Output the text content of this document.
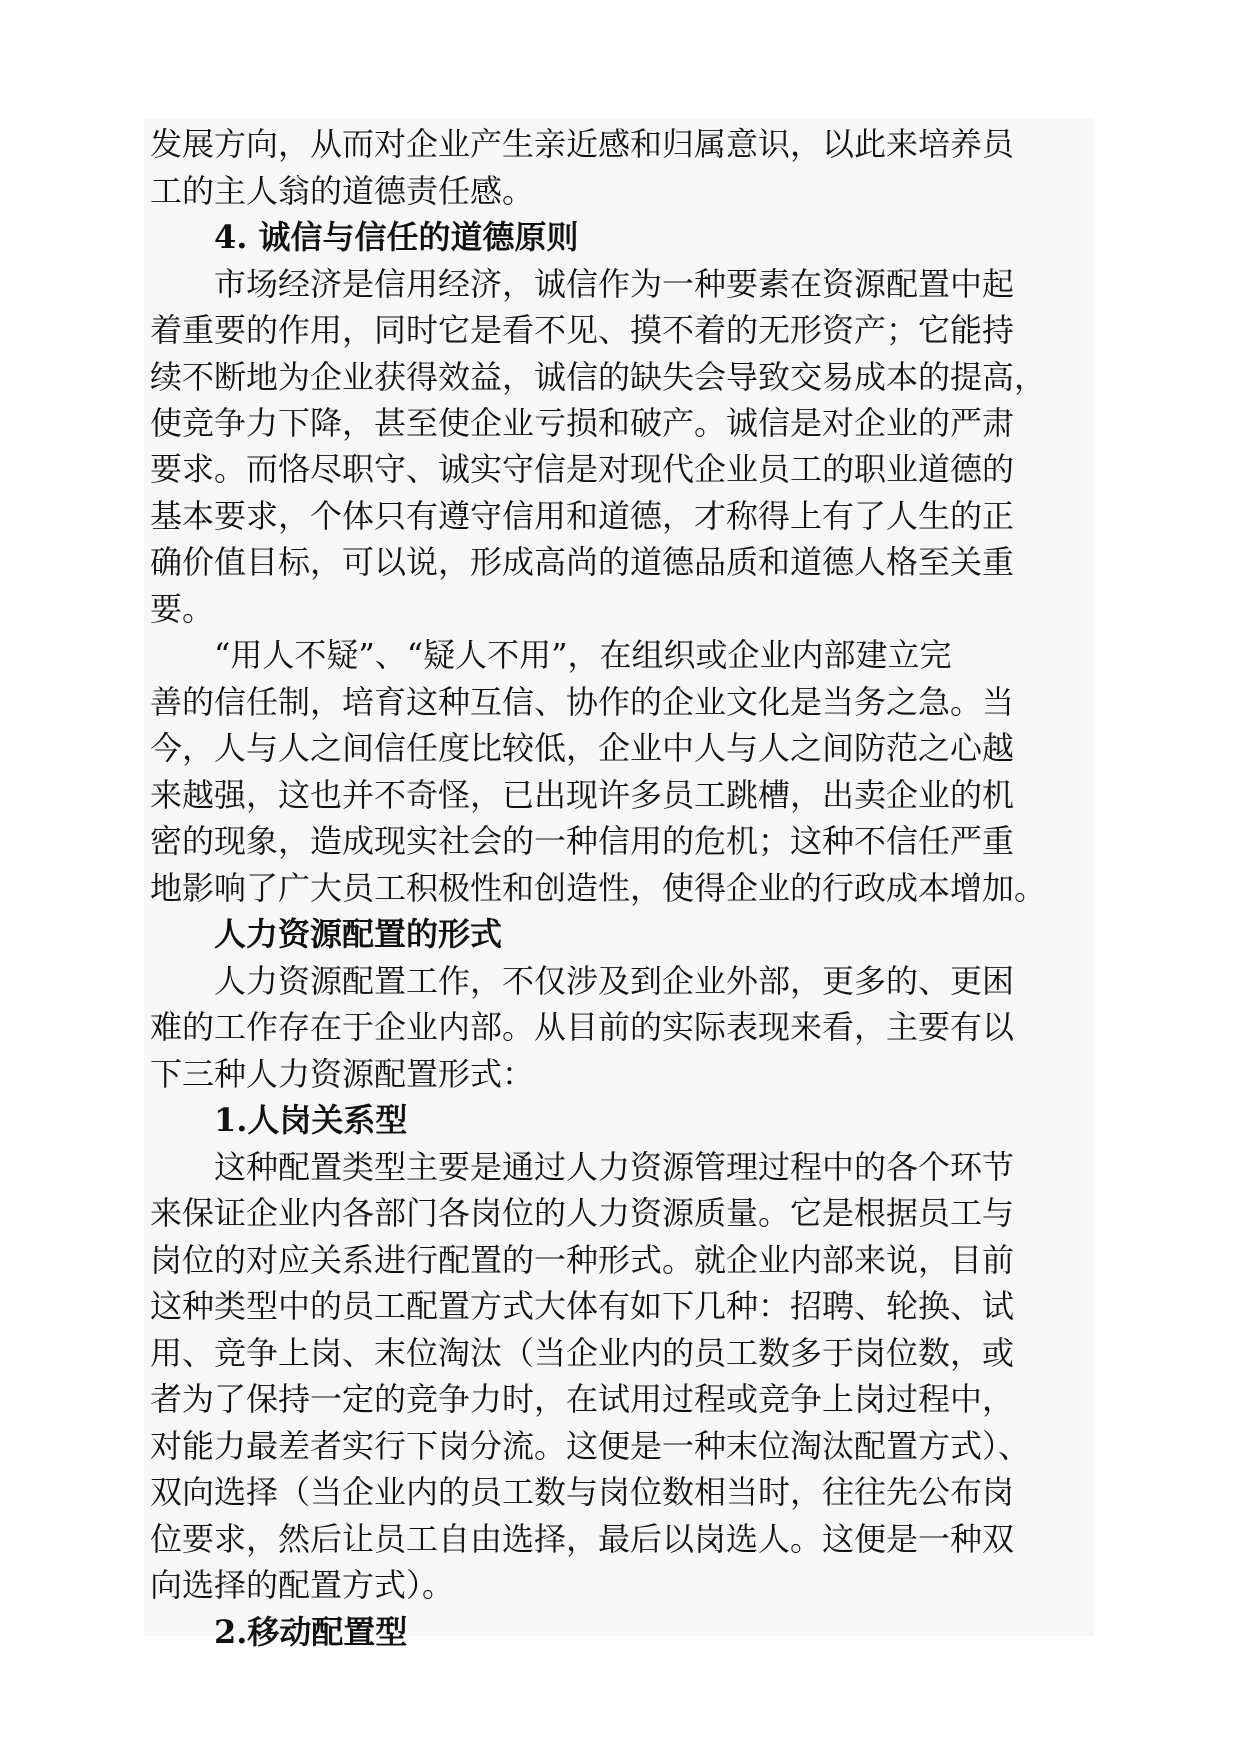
发展方向，从而对企业产生亲近感和归属意识，以此来培养员
工的主人翁的道德责任感。
4. 诚信与信任的道德原则
市场经济是信用经济，诚信作为一种要素在资源配置中起
着重要的作用，同时它是看不见、摸不着的无形资产；它能持
续不断地为企业获得效益，诚信的缺失会导致交易成本的提高，
使竞争力下降，甚至使企业亏损和破产。诚信是对企业的严肃
要求。而恪尽职守、诚实守信是对现代企业员工的职业道德的
基本要求，个体只有遵守信用和道德，才称得上有了人生的正
确价值目标，可以说，形成高尚的道德品质和道德人格至关重
要。
“用人不疑”、“疑人不用”，在组织或企业内部建立完
善的信任制，培育这种互信、协作的企业文化是当务之急。当
今，人与人之间信任度比较低，企业中人与人之间防范之心越
来越强，这也并不奇怪，已出现许多员工跳槽，出卖企业的机
密的现象，造成现实社会的一种信用的危机；这种不信任严重
地影响了广大员工积极性和创造性，使得企业的行政成本增加。
人力资源配置的形式
人力资源配置工作，不仅涉及到企业外部，更多的、更困
难的工作存在于企业内部。从目前的实际表现来看，主要有以
下三种人力资源配置形式：
1.人岗关系型
这种配置类型主要是通过人力资源管理过程中的各个环节
来保证企业内各部门各岗位的人力资源质量。它是根据员工与
岗位的对应关系进行配置的一种形式。就企业内部来说，目前
这种类型中的员工配置方式大体有如下几种：招聘、轮换、试
用、竞争上岗、末位淘汰（当企业内的员工数多于岗位数，或
者为了保持一定的竞争力时，在试用过程或竞争上岗过程中，
对能力最差者实行下岗分流。这便是一种末位淘汰配置方式）、
双向选择（当企业内的员工数与岗位数相当时，往往先公布岗
位要求，然后让员工自由选择，最后以岗选人。这便是一种双
向选择的配置方式）。
2.移动配置型
